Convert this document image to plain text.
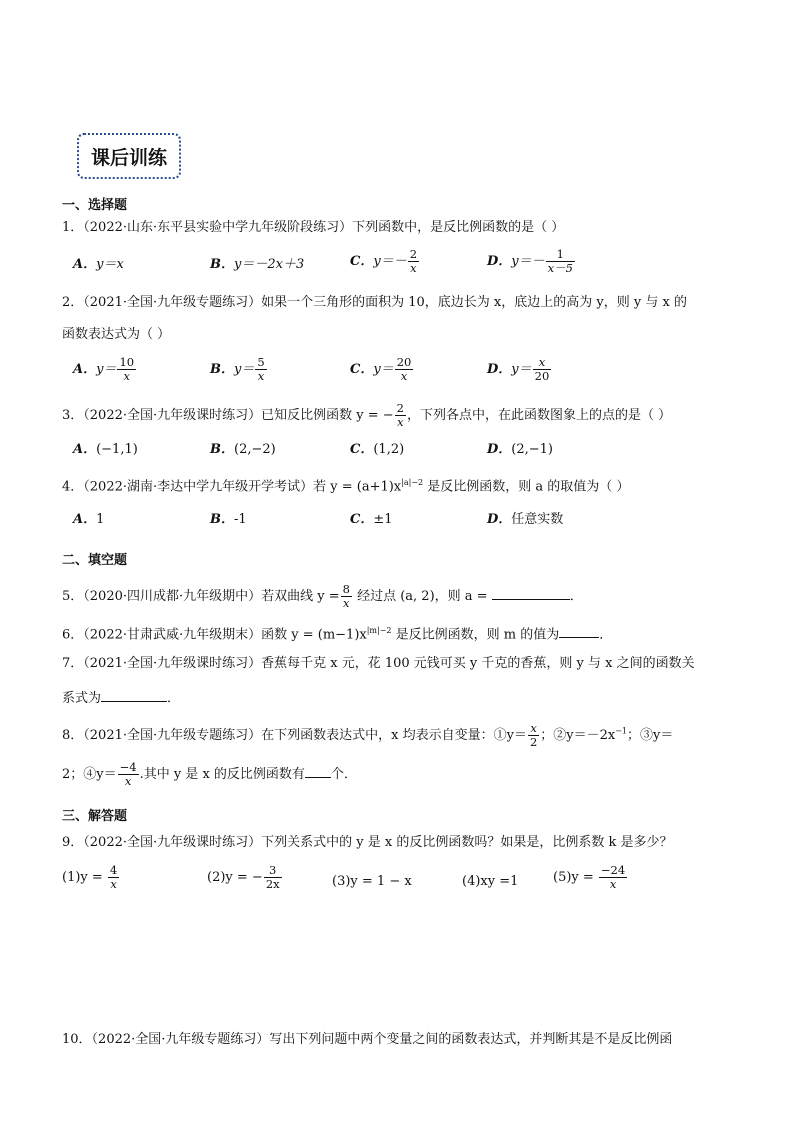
课后训练
一、选择题
1．（2022·山东·东平县实验中学九年级阶段练习）下列函数中，是反比例函数的是（ ）
A．y＝x	B．y＝－2x＋3	C．$y=- \frac{2}{x}$	D．$y=- \frac{1}{x-5}$
2．（2021·全国·九年级专题练习）如果一个三角形的面积为 10，底边长为 x，底边上的高为 y，则 y 与 x 的
函数表达式为（ ）
A．$y= \frac{10}{x}$	B．$y= \frac{5}{x}$	C．$y= \frac{20}{x}$	D．$y= \frac{x}{20}$
3．（2022·全国·九年级课时练习）已知反比例函数 y = − $\frac{2}{x}$ ，下列各点中，在此函数图象上的点的是（ ）
A．(−1,1)	B．(2,−2)	C．(1,2)	D．(2,−1)
4．（2022·湖南·李达中学九年级开学考试）若 $y = (a+1)x^{|a|-2}$ 是反比例函数，则 a 的取值为（ ）
A．1	B．-1	C．±1	D．任意实数
二、填空题
5．（2020·四川成都·九年级期中）若双曲线 $y = \frac{8}{x}$ 经过点 (a, 2)，则 a =	．
6．（2022·甘肃武威·九年级期末）函数 $y = (m-1)x^{|m|-2}$ 是反比例函数，则 m 的值为	．
7．（2021·全国·九年级课时练习）香蕉每千克 x 元，花 100 元钱可买 y 千克的香蕉，则 y 与 x 之间的函数关
系式为	．
8．（2021·全国·九年级专题练习）在下列函数表达式中，x 均表示自变量：①y＝ $\frac{x}{2}$ ；$②y=-2x^{-1}$；③y＝
2；④y＝ $\frac{-4}{x}$ .其中 y 是 x 的反比例函数有 个．
三、解答题
9．（2022·全国·九年级课时练习）下列关系式中的 y 是 x 的反比例函数吗？如果是，比例系数 k 是多少？
$(1)y = \frac{4}{x}$	(2)y = − $\frac{3}{2x}$	(3)y = 1 − x	(4)xy =1	$(5)y = \frac{-24}{x}$
10．（2022·全国·九年级专题练习）写出下列问题中两个变量之间的函数表达式，并判断其是不是反比例函
